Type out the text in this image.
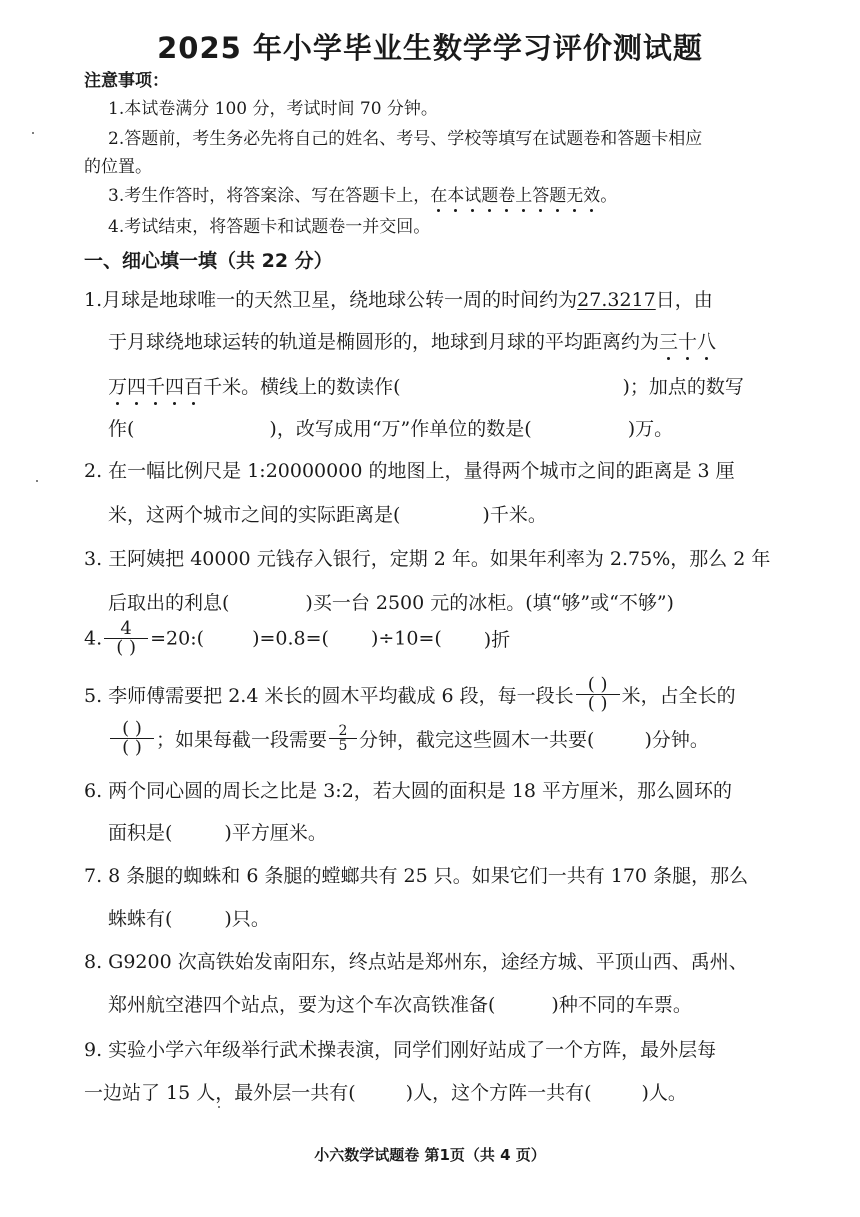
2025 年小学毕业生数学学习评价测试题
注意事项：
1.本试卷满分 100 分，考试时间 70 分钟。
2.答题前，考生务必先将自己的姓名、考号、学校等填写在试题卷和答题卡相应
的位置。
3.考生作答时，将答案涂、写在答题卡上，在本试题卷上答题无效。
4.考试结束，将答题卡和试题卷一并交回。
一、细心填一填（共 22 分）
1.月球是地球唯一的天然卫星，绕地球公转一周的时间约为27.3217日，由
于月球绕地球运转的轨道是椭圆形的，地球到月球的平均距离约为三十八
万四千四百千米。横线上的数读作(	)；加点的数写
作(	)，改写成用“万”作单位的数是(	)万。
2. 在一幅比例尺是 1:20000000 的地图上，量得两个城市之间的距离是 3 厘
米，这两个城市之间的实际距离是(	)千米。
3. 王阿姨把 40000 元钱存入银行，定期 2 年。如果年利率为 2.75%，那么 2 年
后取出的利息(	)买一台 2500 元的冰柜。(填“够”或“不够”)
4. $\frac{4}{( )}$ =20:(	)=0.8=( )÷10=( )折
5. 李师傅需要把 2.4 米长的圆木平均截成 6 段，每一段长 $\frac{( )}{( )}$ 米，占全长的
$\frac{( )}{( )}$ ；如果每截一段需要 $\frac{2}{5}$ 分钟，截完这些圆木一共要(	)分钟。
6. 两个同心圆的周长之比是 3:2，若大圆的面积是 18 平方厘米，那么圆环的
面积是(	)平方厘米。
7. 8 条腿的蜘蛛和 6 条腿的螳螂共有 25 只。如果它们一共有 170 条腿，那么
蛛蛛有(	)只。
8. G9200 次高铁始发南阳东，终点站是郑州东，途经方城、平顶山西、禹州、
郑州航空港四个站点，要为这个车次高铁准备(	)种不同的车票。
9. 实验小学六年级举行武术操表演，同学们刚好站成了一个方阵，最外层每
一边站了 15 人，最外层一共有(	)人，这个方阵一共有(	)人。
小六数学试题卷 第1页（共 4 页）
